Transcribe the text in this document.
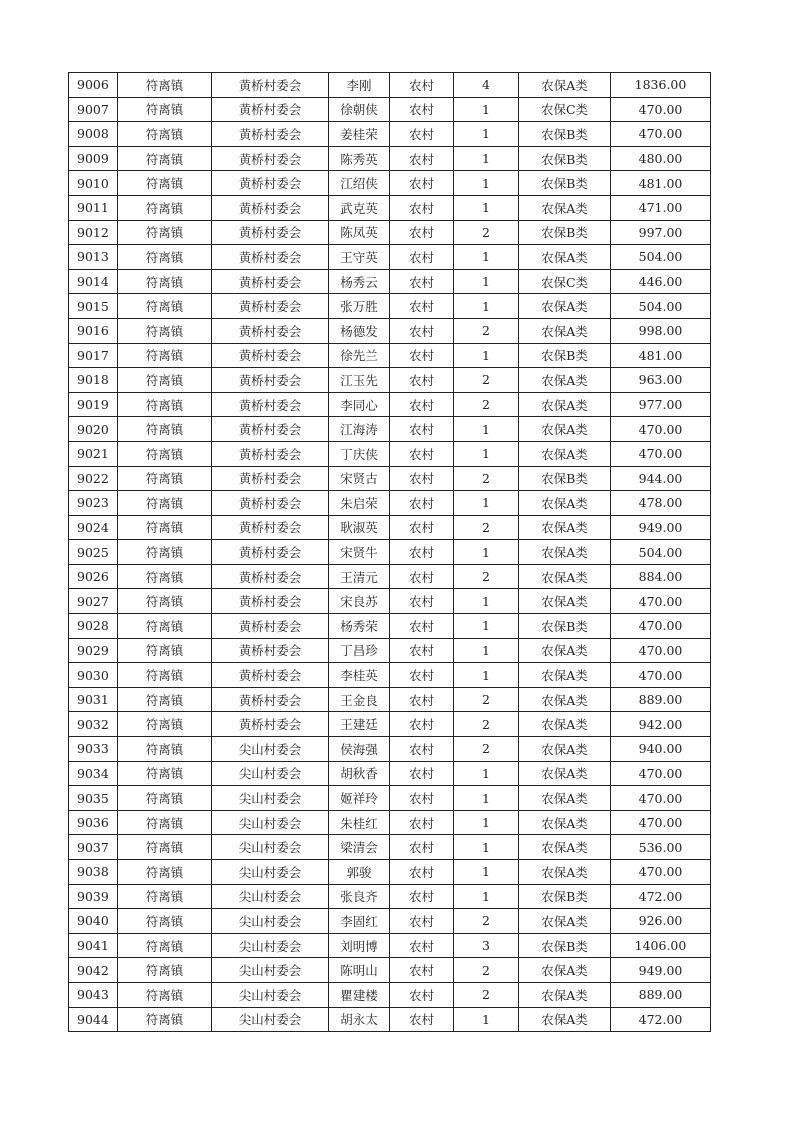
9006	符离镇	黄桥村委会	李刚	农村	4	农保A类	1836.00
9007	符离镇	黄桥村委会	徐朝侠	农村	1	农保C类	470.00
9008	符离镇	黄桥村委会	姜桂荣	农村	1	农保B类	470.00
9009	符离镇	黄桥村委会	陈秀英	农村	1	农保B类	480.00
9010	符离镇	黄桥村委会	江绍侠	农村	1	农保B类	481.00
9011	符离镇	黄桥村委会	武克英	农村	1	农保A类	471.00
9012	符离镇	黄桥村委会	陈凤英	农村	2	农保B类	997.00
9013	符离镇	黄桥村委会	王守英	农村	1	农保A类	504.00
9014	符离镇	黄桥村委会	杨秀云	农村	1	农保C类	446.00
9015	符离镇	黄桥村委会	张万胜	农村	1	农保A类	504.00
9016	符离镇	黄桥村委会	杨德发	农村	2	农保A类	998.00
9017	符离镇	黄桥村委会	徐先兰	农村	1	农保B类	481.00
9018	符离镇	黄桥村委会	江玉先	农村	2	农保A类	963.00
9019	符离镇	黄桥村委会	李同心	农村	2	农保A类	977.00
9020	符离镇	黄桥村委会	江海涛	农村	1	农保A类	470.00
9021	符离镇	黄桥村委会	丁庆侠	农村	1	农保A类	470.00
9022	符离镇	黄桥村委会	宋贤古	农村	2	农保B类	944.00
9023	符离镇	黄桥村委会	朱启荣	农村	1	农保A类	478.00
9024	符离镇	黄桥村委会	耿淑英	农村	2	农保A类	949.00
9025	符离镇	黄桥村委会	宋贤牛	农村	1	农保A类	504.00
9026	符离镇	黄桥村委会	王清元	农村	2	农保A类	884.00
9027	符离镇	黄桥村委会	宋良苏	农村	1	农保A类	470.00
9028	符离镇	黄桥村委会	杨秀荣	农村	1	农保B类	470.00
9029	符离镇	黄桥村委会	丁昌珍	农村	1	农保A类	470.00
9030	符离镇	黄桥村委会	李桂英	农村	1	农保A类	470.00
9031	符离镇	黄桥村委会	王金良	农村	2	农保A类	889.00
9032	符离镇	黄桥村委会	王建廷	农村	2	农保A类	942.00
9033	符离镇	尖山村委会	侯海强	农村	2	农保A类	940.00
9034	符离镇	尖山村委会	胡秋香	农村	1	农保A类	470.00
9035	符离镇	尖山村委会	姬祥玲	农村	1	农保A类	470.00
9036	符离镇	尖山村委会	朱桂红	农村	1	农保A类	470.00
9037	符离镇	尖山村委会	梁清会	农村	1	农保A类	536.00
9038	符离镇	尖山村委会	郭骏	农村	1	农保A类	470.00
9039	符离镇	尖山村委会	张良齐	农村	1	农保B类	472.00
9040	符离镇	尖山村委会	李固红	农村	2	农保A类	926.00
9041	符离镇	尖山村委会	刘明博	农村	3	农保B类	1406.00
9042	符离镇	尖山村委会	陈明山	农村	2	农保A类	949.00
9043	符离镇	尖山村委会	瞿建楼	农村	2	农保A类	889.00
9044	符离镇	尖山村委会	胡永太	农村	1	农保A类	472.00
